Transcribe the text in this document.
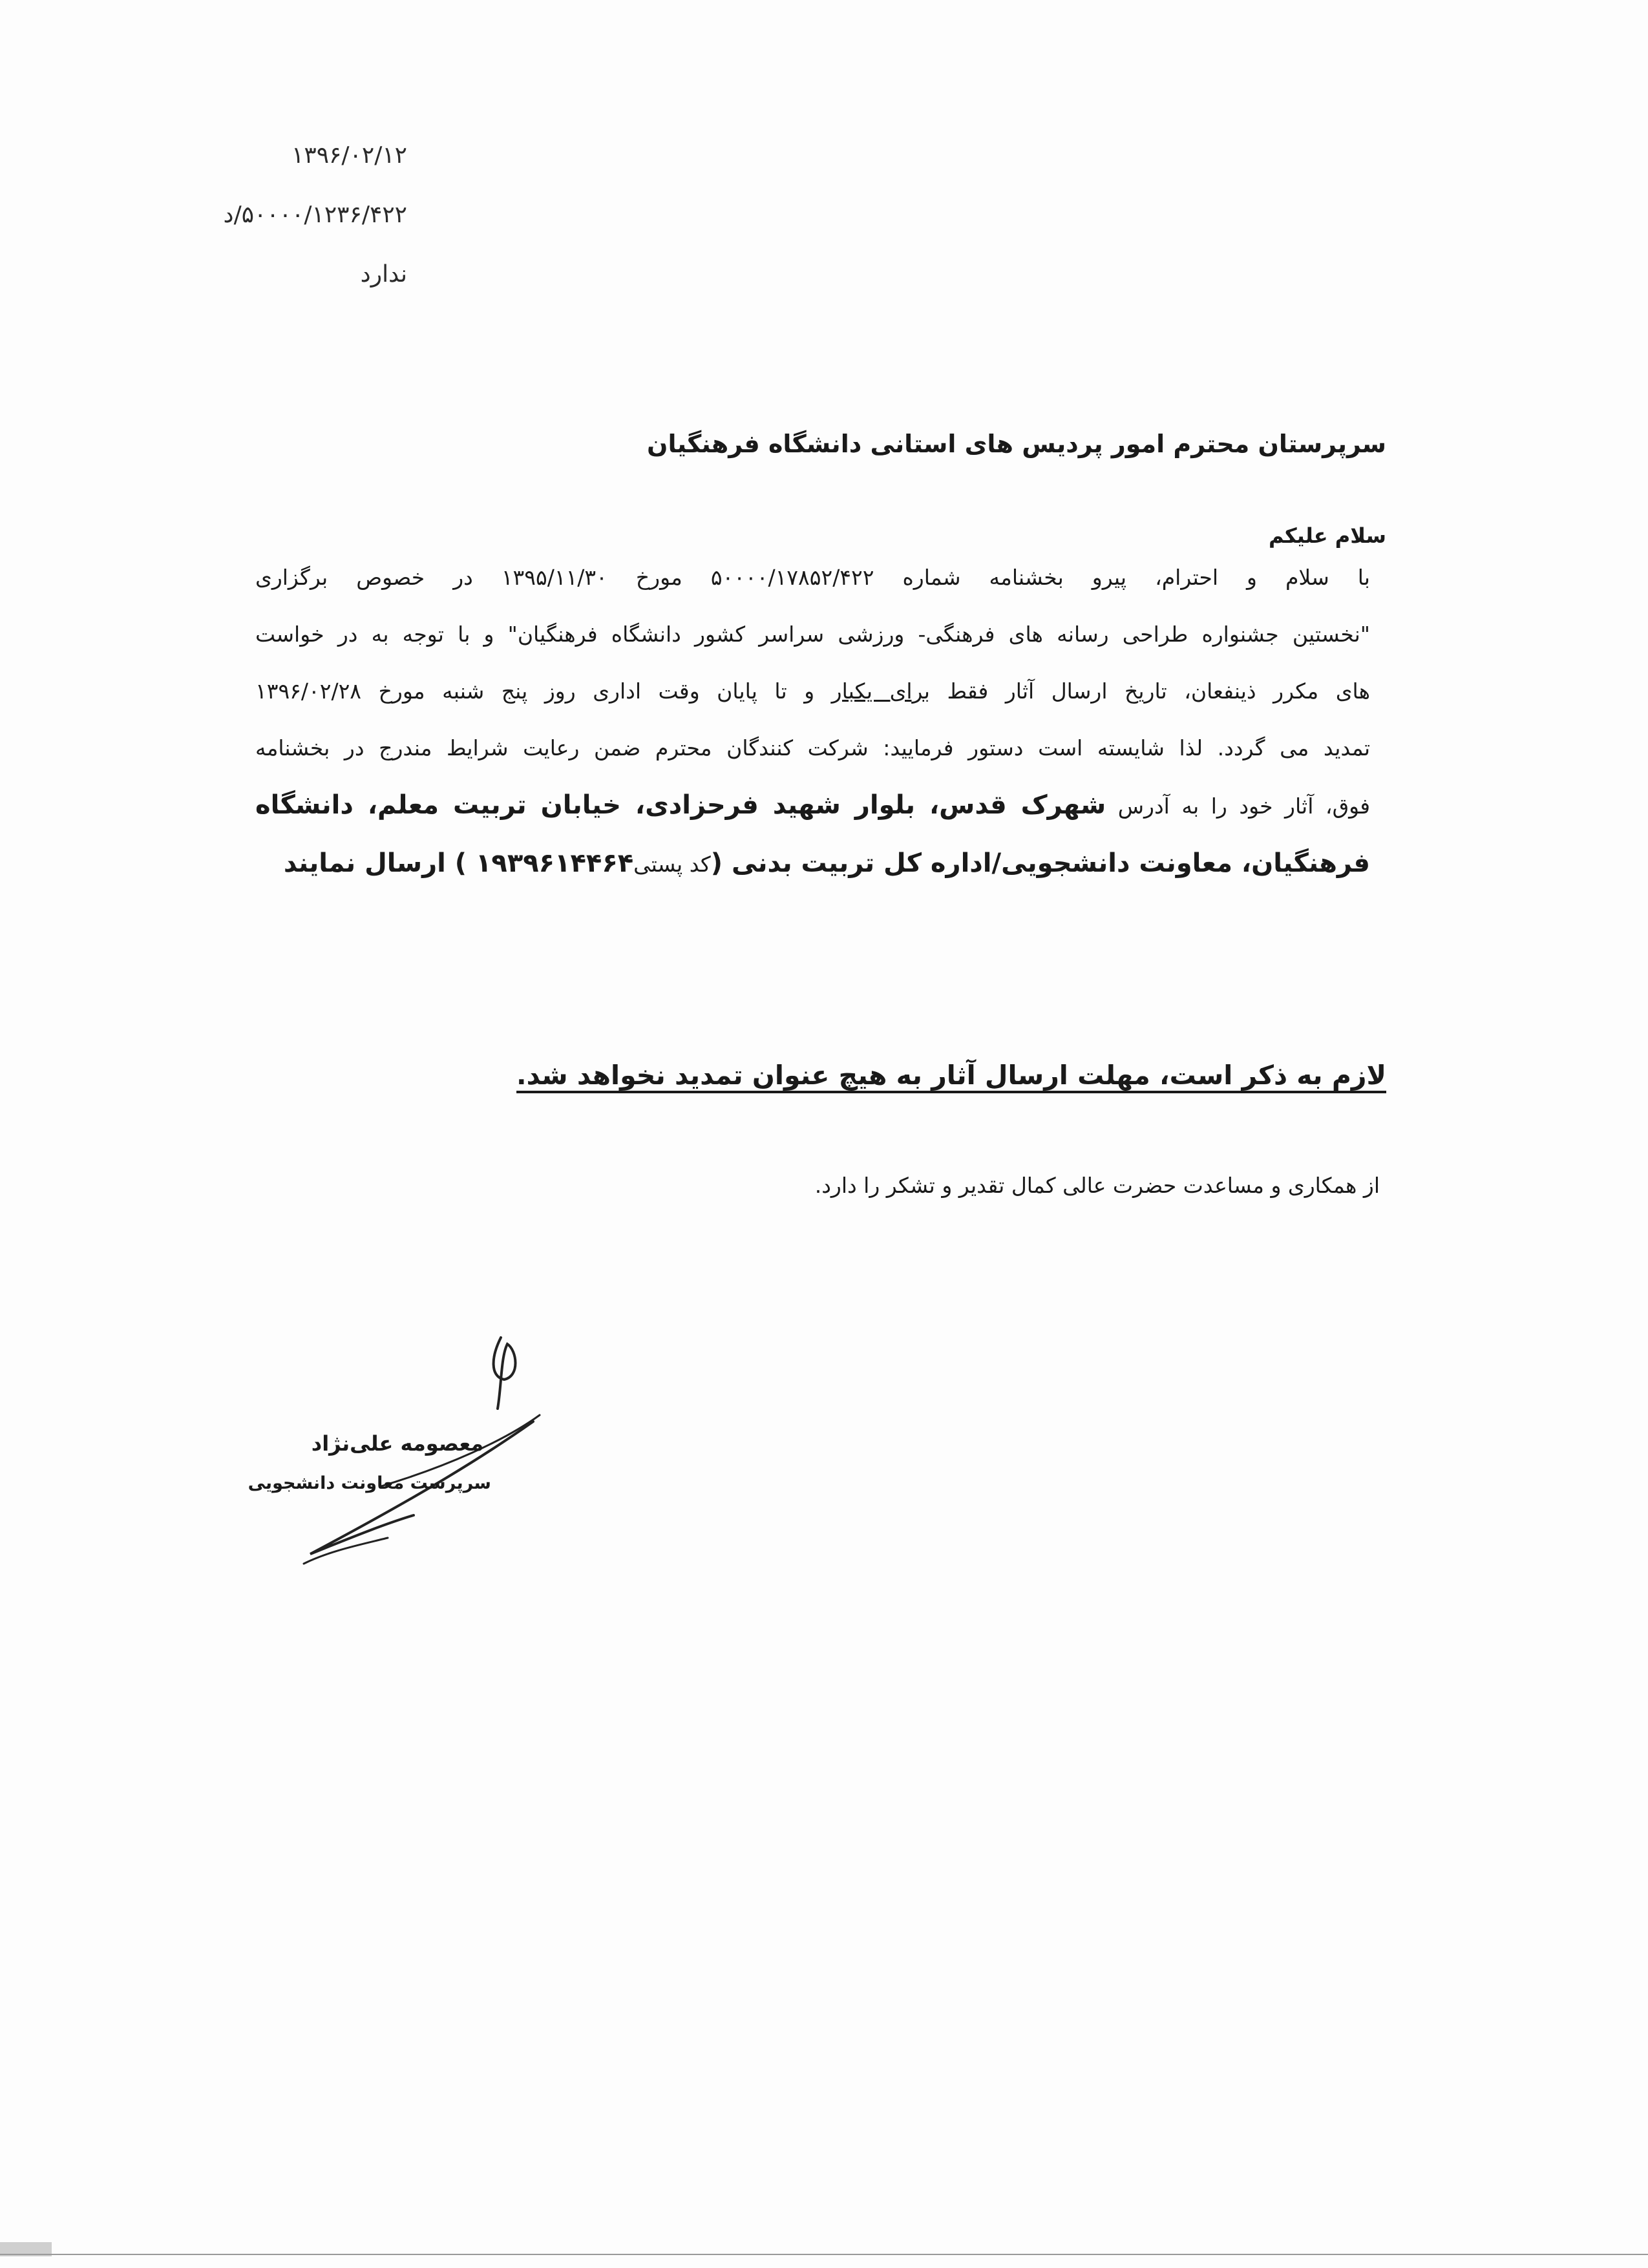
۱۳۹۶/۰۲/۱۲
۵۰۰۰۰/۱۲۳۶/۴۲۲/د
ندارد
سرپرستان محترم امور پردیس های استانی دانشگاه فرهنگیان
سلام علیکم
با سلام و احترام، پیرو بخشنامه شماره ۵۰۰۰۰/۱۷۸۵۲/۴۲۲ مورخ ۱۳۹۵/۱۱/۳۰ در خصوص برگزاری
"نخستین جشنواره طراحی رسانه های فرهنگی- ورزشی سراسر کشور دانشگاه فرهنگیان" و با توجه به در خواست
های مکرر ذینفعان، تاریخ ارسال آثار فقط برای یکبار و تا پایان وقت اداری روز پنج شنبه مورخ ۱۳۹۶/۰۲/۲۸
تمدید می گردد. لذا شایسته است دستور فرمایید: شرکت کنندگان محترم ضمن رعایت شرایط مندرج در بخشنامه
فوق، آثار خود را به آدرس شهرک قدس، بلوار شهید فرحزادی، خیابان تربیت معلم، دانشگاه
فرهنگیان، معاونت دانشجویی/اداره کل تربیت بدنی (کد پستی۱۹۳۹۶۱۴۴۶۴ ) ارسال نمایند
لازم به ذکر است، مهلت ارسال آثار به هیچ عنوان تمدید نخواهد شد.
از همکاری و مساعدت حضرت عالی کمال تقدیر و تشکر را دارد.
معصومه علی‌نژاد
سرپرست معاونت دانشجویی
